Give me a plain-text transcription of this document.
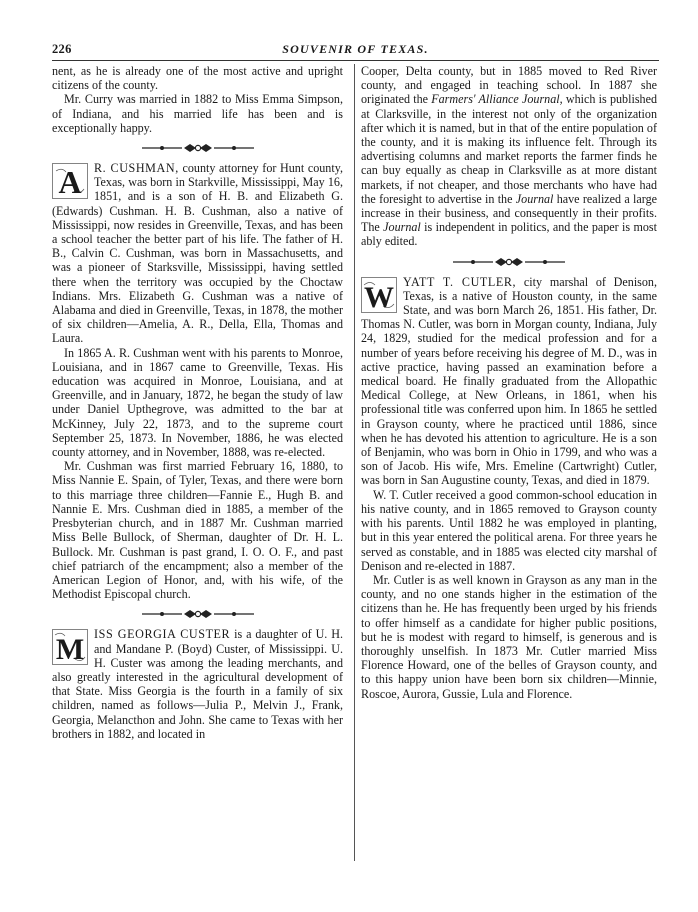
226	SOUVENIR OF TEXAS.

nent, as he is already one of the most active and upright citizens of the county.

Mr. Curry was married in 1882 to Miss Emma Simpson, of Indiana, and his married life has been and is exceptionally happy.

A	R. CUSHMAN, county attorney for Hunt county, Texas, was born in Starkville, Mississippi, May 16, 1851, and is a son of H. B. and Elizabeth G. (Edwards) Cushman. H. B. Cushman, also a native of Mississippi, now resides in Greenville, Texas, and has been a school teacher the better part of his life. The father of H. B., Calvin C. Cushman, was born in Massachusetts, and was a pioneer of Starksville, Mississippi, having settled there when the territory was occupied by the Choctaw Indians. Mrs. Elizabeth G. Cushman was a native of Alabama and died in Greenville, Texas, in 1878, the mother of six children—Amelia, A. R., Della, Ella, Thomas and Laura.

In 1865 A. R. Cushman went with his parents to Monroe, Louisiana, and in 1867 came to Greenville, Texas. His education was acquired in Monroe, Louisiana, and at Greenville, and in January, 1872, he began the study of law under Daniel Upthegrove, was admitted to the bar at McKinney, July 22, 1873, and to the supreme court September 25, 1873. In November, 1886, he was elected county attorney, and in November, 1888, was re-elected.

Mr. Cushman was first married February 16, 1880, to Miss Nannie E. Spain, of Tyler, Texas, and there were born to this marriage three children—Fannie E., Hugh B. and Nannie E. Mrs. Cushman died in 1885, a member of the Presbyterian church, and in 1887 Mr. Cushman married Miss Belle Bullock, of Sherman, daughter of Dr. H. L. Bullock. Mr. Cushman is past grand, I. O. O. F., and past chief patriarch of the encampment; also a member of the American Legion of Honor, and, with his wife, of the Methodist Episcopal church.

M ISS GEORGIA CUSTER is a daughter of U. H. and Mandane P. (Boyd) Custer, of Mississippi. U. H. Custer was among the leading merchants, and also greatly interested in the agricultural development of that State. Miss Georgia is the fourth in a family of six children, named as follows—Julia P., Melvin J., Frank, Georgia, Melancthon and John. She came to Texas with her brothers in 1882, and located in

Cooper, Delta county, but in 1885 moved to Red River county, and engaged in teaching school. In 1887 she originated the Farmers' Alliance Journal, which is published at Clarksville, in the interest not only of the organization after which it is named, but in that of the entire population of the county, and it is making its influence felt. Through its advertising columns and market reports the farmer finds he can buy equally as cheap in Clarksville as at more distant markets, if not cheaper, and those merchants who have had the foresight to advertise in the Journal have realized a large increase in their business, and consequently in their profits. The Journal is independent in politics, and the paper is most ably edited.

W YATT T. CUTLER, city marshal of Denison, Texas, is a native of Houston county, in the same State, and was born March 26, 1851. His father, Dr. Thomas N. Cutler, was born in Morgan county, Indiana, July 24, 1829, studied for the medical profession and for a number of years before receiving his degree of M. D., was in active practice, having passed an examination before a medical board. He finally graduated from the Allopathic Medical College, at New Orleans, in 1861, when his professional title was conferred upon him. In 1865 he settled in Grayson county, where he practiced until 1886, since when he has devoted his attention to agriculture. He is a son of Benjamin, who was born in Ohio in 1799, and who was a son of Jacob. His wife, Mrs. Emeline (Cartwright) Cutler, was born in San Augustine county, Texas, and died in 1879.

W. T. Cutler received a good common-school education in his native county, and in 1865 removed to Grayson county with his parents. Until 1882 he was employed in planting, but in this year entered the political arena. For three years he served as constable, and in 1885 was elected city marshal of Denison and re-elected in 1887.

Mr. Cutler is as well known in Grayson as any man in the county, and no one stands higher in the estimation of the citizens than he. He has frequently been urged by his friends to offer himself as a candidate for higher public positions, but he is modest with regard to himself, is generous and is thoroughly unselfish. In 1873 Mr. Cutler married Miss Florence Howard, one of the belles of Grayson county, and to this happy union have been born six children—Minnie, Roscoe, Aurora, Gussie, Lula and Florence.
